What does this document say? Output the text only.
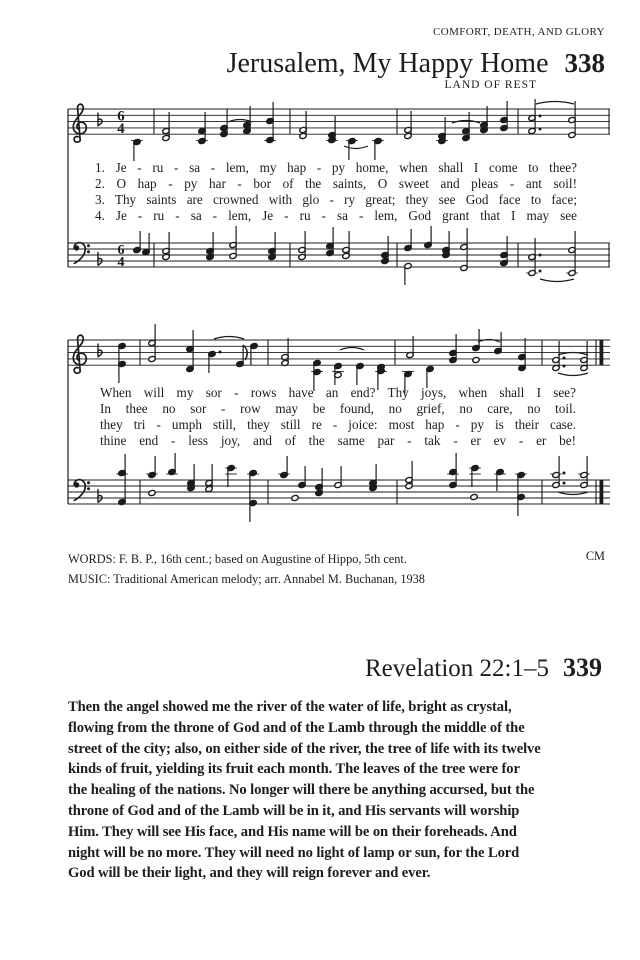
6
4
6
4
COMFORT, DEATH, AND GLORY
Jerusalem, My Happy Home 338
LAND OF REST
1. Je - ru - sa - lem, my hap - py home, when shall I come to thee?
2. O hap - py har - bor of the saints, O sweet and pleas - ant soil!
3. Thy saints are crowned with glo - ry great; they see God face to face;
4. Je - ru - sa - lem, Je - ru - sa - lem, God grant that I may see
When will my sor - rows have an end? Thy joys, when shall I see?
In thee no sor - row may be found, no grief, no care, no toil.
they tri - umph still, they still re - joice: most hap - py is their case.
thine end - less joy, and of the same par - tak - er ev - er be!
WORDS: F. B. P., 16th cent.; based on Augustine of Hippo, 5th cent.
MUSIC: Traditional American melody; arr. Annabel M. Buchanan, 1938
CM
Revelation 22:1–5 339
Then the angel showed me the river of the water of life, bright as crystal,
flowing from the throne of God and of the Lamb through the middle of the
street of the city; also, on either side of the river, the tree of life with its twelve
kinds of fruit, yielding its fruit each month. The leaves of the tree were for
the healing of the nations. No longer will there be anything accursed, but the
throne of God and of the Lamb will be in it, and His servants will worship
Him. They will see His face, and His name will be on their foreheads. And
night will be no more. They will need no light of lamp or sun, for the Lord
God will be their light, and they will reign forever and ever.
